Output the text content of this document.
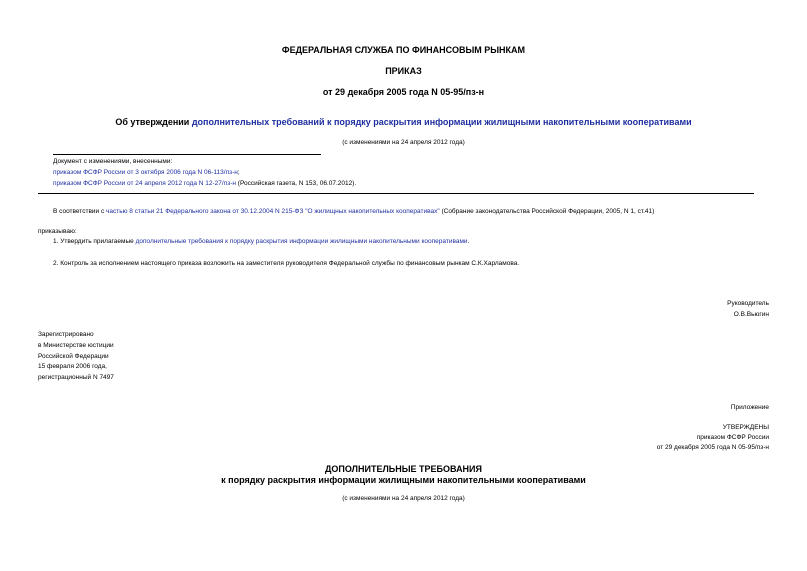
ФЕДЕРАЛЬНАЯ СЛУЖБА ПО ФИНАНСОВЫМ РЫНКАМ
ПРИКАЗ
от 29 декабря 2005 года N 05-95/пз-н
Об утверждении дополнительных требований к порядку раскрытия информации жилищными накопительными кооперативами
(с изменениями на 24 апреля 2012 года)
Документ с изменениями, внесенными:
приказом ФСФР России от 3 октября 2006 года N 06-113/пз-н;
приказом ФСФР России от 24 апреля 2012 года N 12-27/пз-н (Российская газета, N 153, 06.07.2012).
В соответствии с частью 8 статьи 21 Федерального закона от 30.12.2004 N 215-ФЗ "О жилищных накопительных кооперативах" (Собрание законодательства Российской Федерации, 2005, N 1, ст.41)
приказываю:
1. Утвердить прилагаемые дополнительные требования к порядку раскрытия информации жилищными накопительными кооперативами.
2. Контроль за исполнением настоящего приказа возложить на заместителя руководителя Федеральной службы по финансовым рынкам С.К.Харламова.
Руководитель
О.В.Вьюгин
Зарегистрировано
в Министерстве юстиции
Российской Федерации
15 февраля 2006 года,
регистрационный N 7497
Приложение
УТВЕРЖДЕНЫ
приказом ФСФР России
от 29 декабря 2005 года N 05-95/пз-н
ДОПОЛНИТЕЛЬНЫЕ ТРЕБОВАНИЯ
к порядку раскрытия информации жилищными накопительными кооперативами
(с изменениями на 24 апреля 2012 года)
